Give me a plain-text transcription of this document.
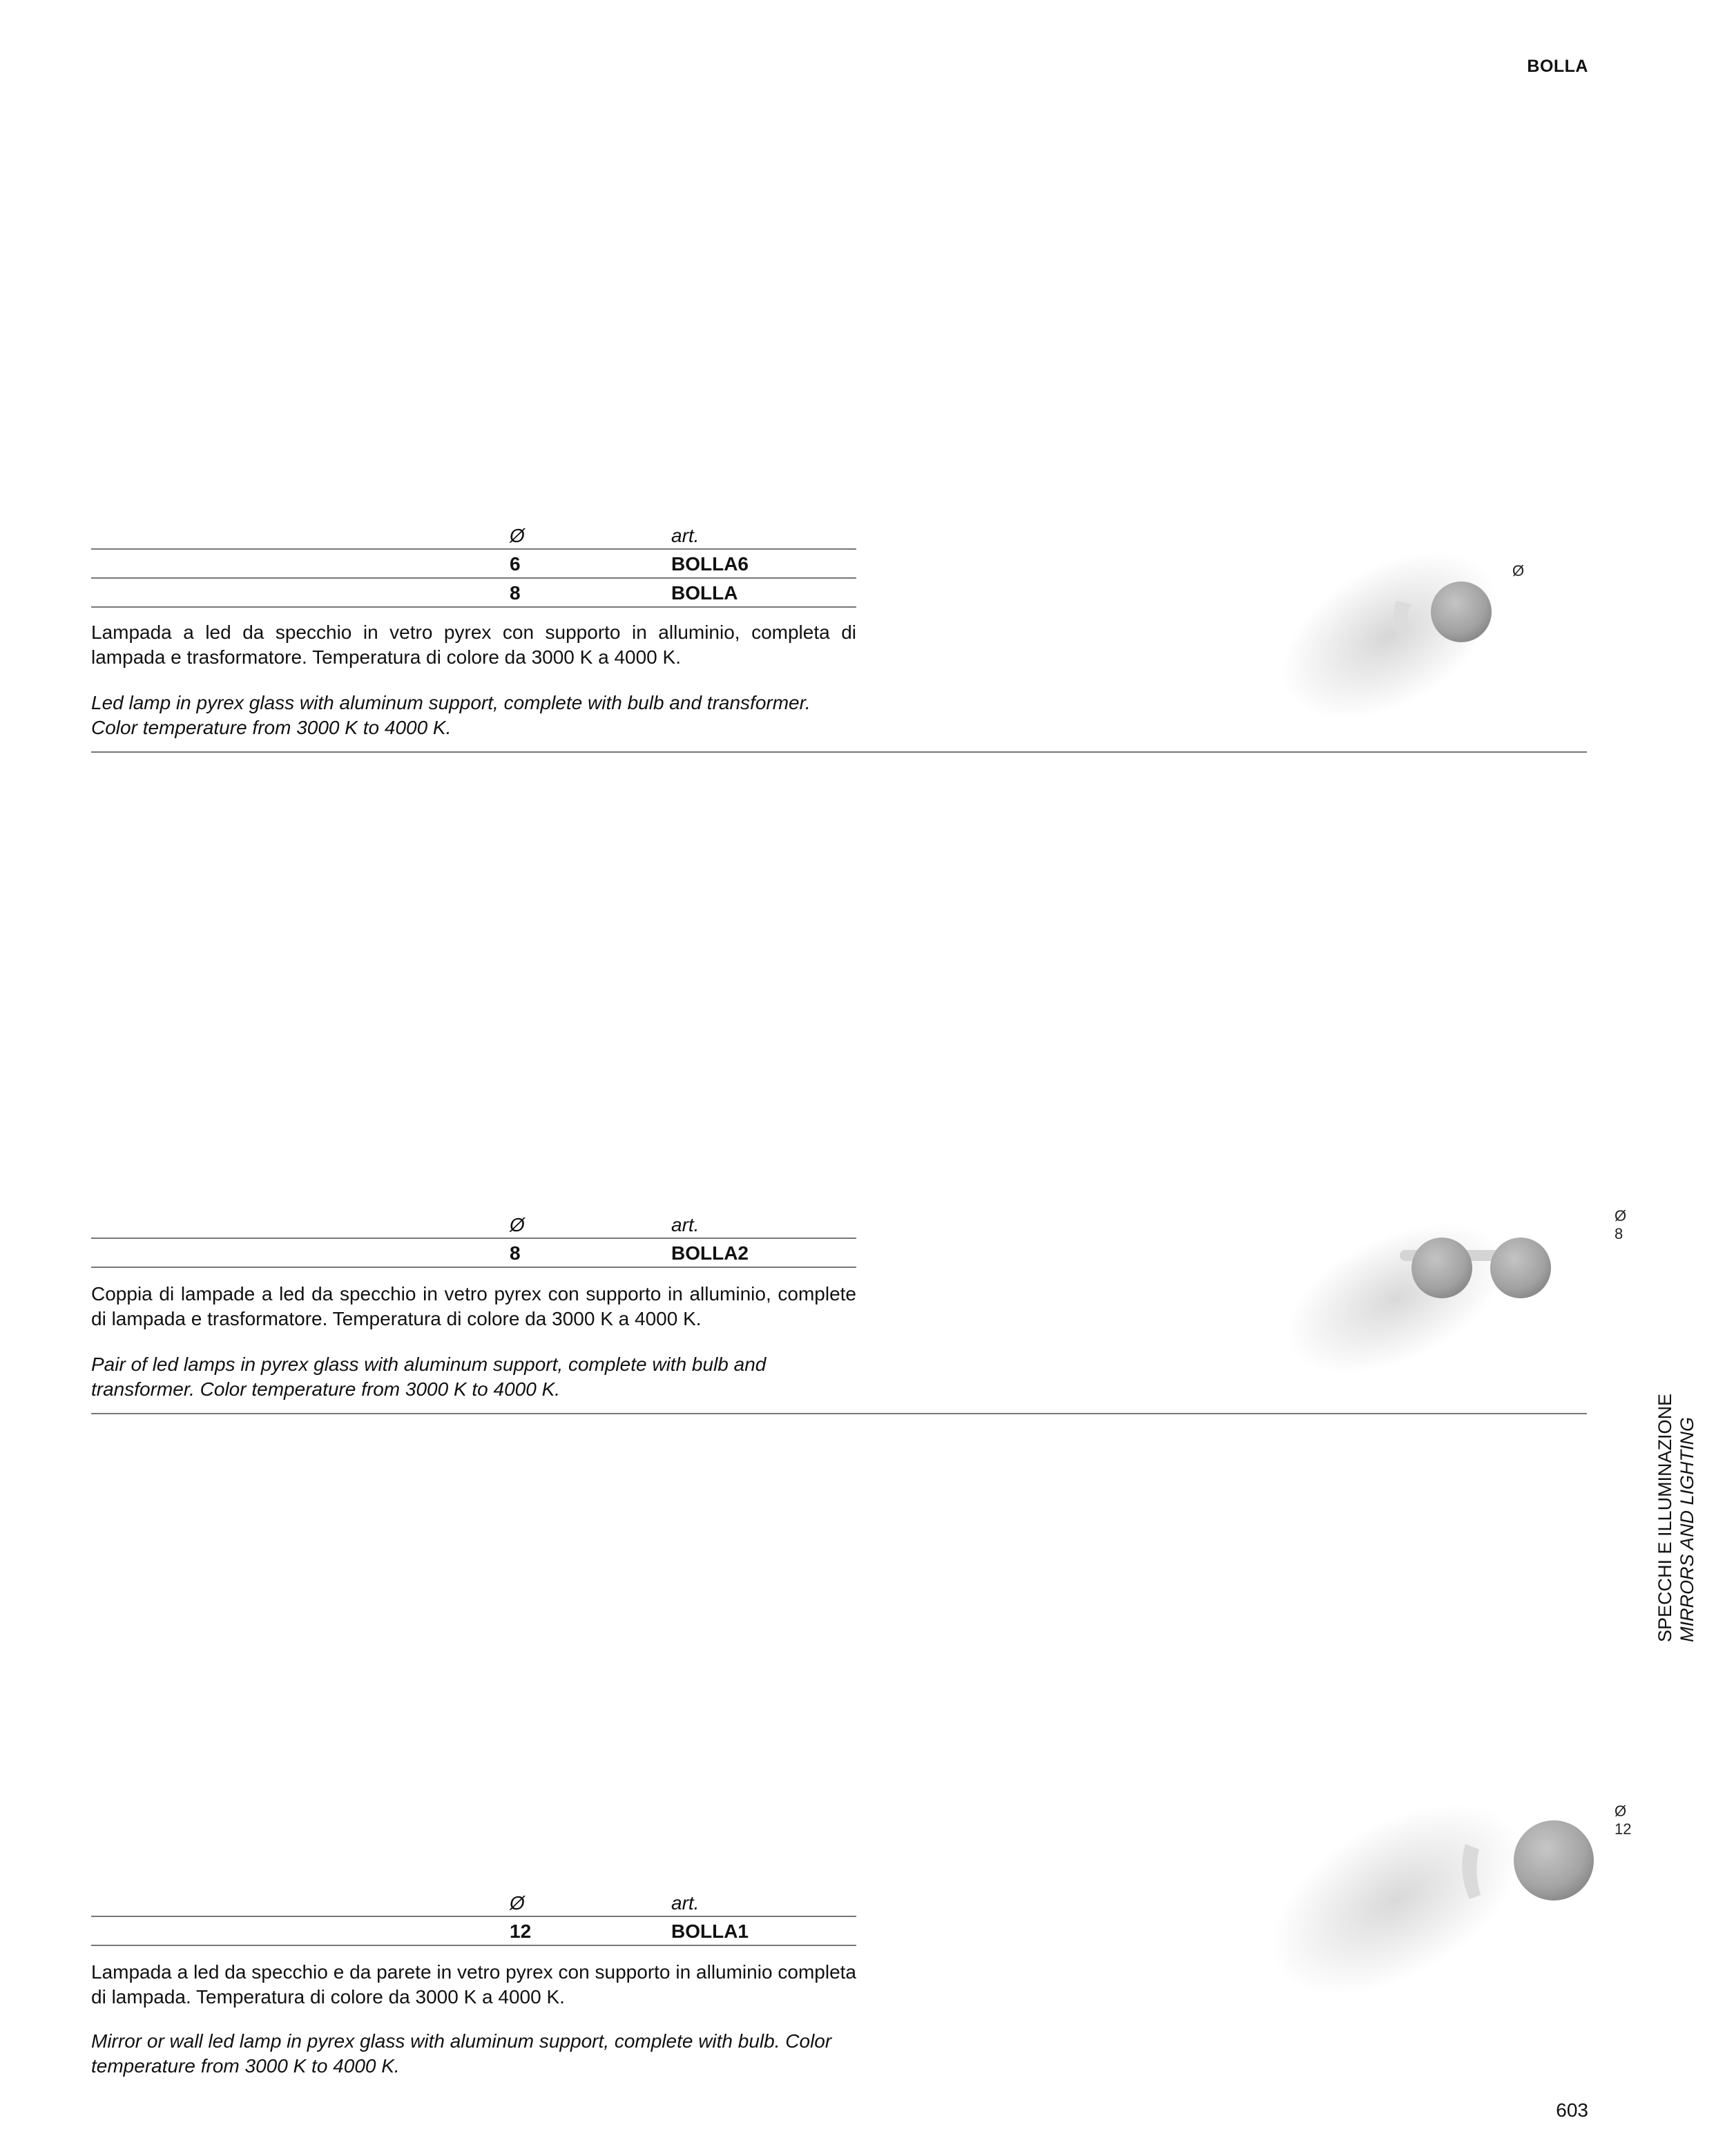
BOLLA
Ø	art.
6	BOLLA6
8	BOLLA
Lampada a led da specchio in vetro pyrex con supporto in alluminio, completa di lampada e trasformatore. Temperatura di colore da 3000 K a 4000 K.
Led lamp in pyrex glass with aluminum support, complete with bulb and transformer. Color temperature from 3000 K to 4000 K.
Ø
Ø	art.
8	BOLLA2
Coppia di lampade a led da specchio in vetro pyrex con supporto in alluminio, complete di lampada e trasformatore. Temperatura di colore da 3000 K a 4000 K.
Pair of led lamps in pyrex glass with aluminum support, complete with bulb and transformer. Color temperature from 3000 K to 4000 K.
Ø 8
Ø	art.
12	BOLLA1
Lampada a led da specchio e da parete in vetro pyrex con supporto in alluminio completa di lampada. Temperatura di colore da 3000 K a 4000 K.
Mirror or wall led lamp in pyrex glass with aluminum support, complete with bulb. Color temperature from 3000 K to 4000 K.
Ø 12
SPECCHI E ILLUMINAZIONE MIRRORS AND LIGHTING
603
